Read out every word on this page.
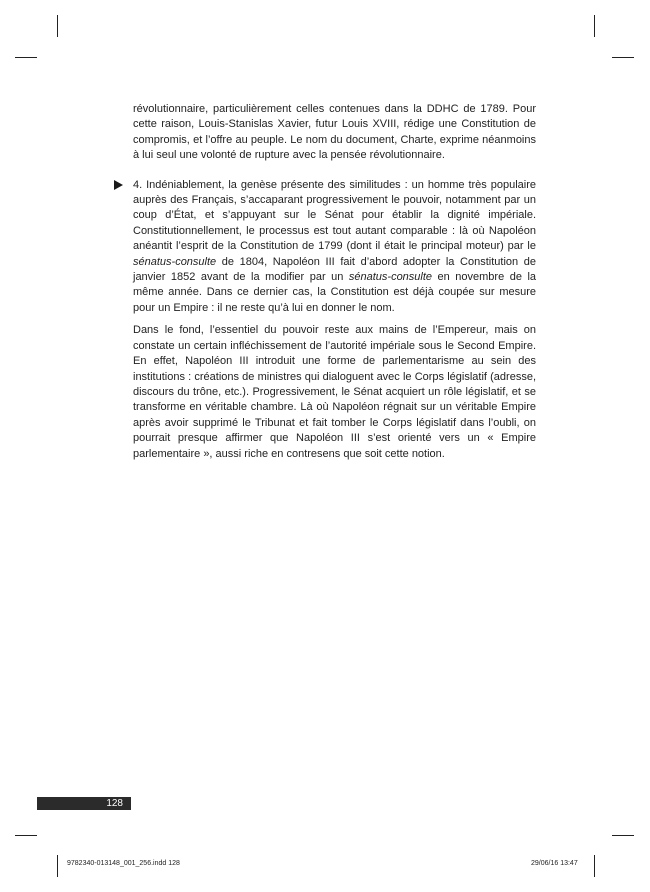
révolutionnaire, particulièrement celles contenues dans la DDHC de 1789. Pour cette raison, Louis-Stanislas Xavier, futur Louis XVIII, rédige une Constitution de compromis, et l’offre au peuple. Le nom du document, Charte, exprime néanmoins à lui seul une volonté de rupture avec la pensée révolutionnaire.

4. Indéniablement, la genèse présente des similitudes : un homme très populaire auprès des Français, s’accaparant progressivement le pouvoir, notamment par un coup d’État, et s’appuyant sur le Sénat pour établir la dignité impériale. Constitutionnellement, le processus est tout autant comparable : là où Napoléon anéantit l’esprit de la Constitution de 1799 (dont il était le principal moteur) par le sénatus-consulte de 1804, Napoléon III fait d’abord adopter la Constitution de janvier 1852 avant de la modifier par un sénatus-consulte en novembre de la même année. Dans ce dernier cas, la Constitution est déjà coupée sur mesure pour un Empire : il ne reste qu’à lui en donner le nom.

Dans le fond, l’essentiel du pouvoir reste aux mains de l’Empereur, mais on constate un certain infléchissement de l’autorité impériale sous le Second Empire. En effet, Napoléon III introduit une forme de parlementarisme au sein des institutions : créations de ministres qui dialoguent avec le Corps législatif (adresse, discours du trône, etc.). Progressivement, le Sénat acquiert un rôle législatif, et se transforme en véritable chambre. Là où Napoléon régnait sur un véritable Empire après avoir supprimé le Tribunat et fait tomber le Corps législatif dans l’oubli, on pourrait presque affirmer que Napoléon III s’est orienté vers un « Empire parlementaire », aussi riche en contresens que soit cette notion.

128
9782340-013148_001_256.indd 128	29/06/16 13:47
